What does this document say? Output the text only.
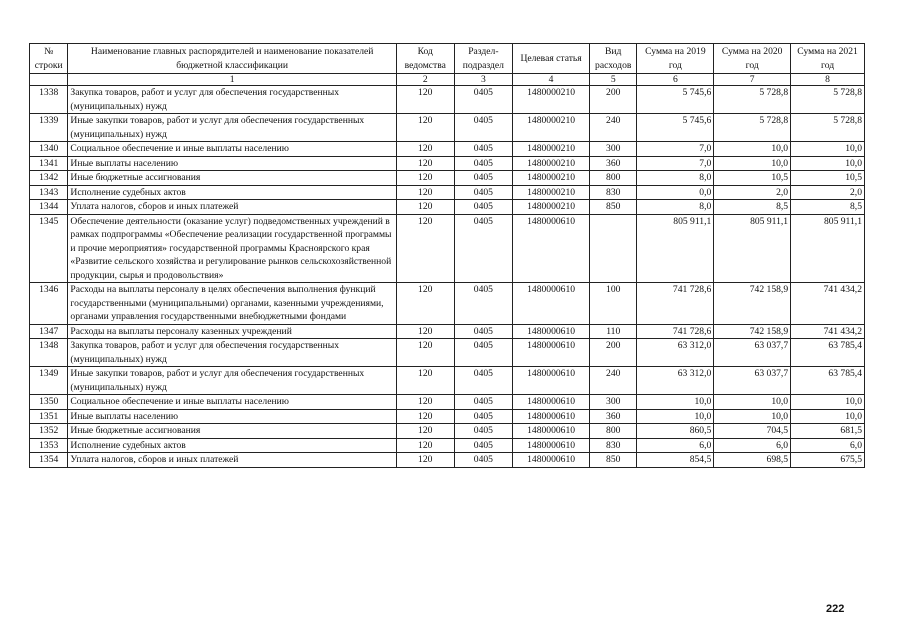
№ строки	Наименование главных распорядителей и наименование показателей бюджетной классификации	Код ведомства	Раздел-подраздел	Целевая статья	Вид расходов	Сумма на 2019 год	Сумма на 2020 год	Сумма на 2021 год
	1	2	3	4	5	6	7	8
1338	Закупка товаров, работ и услуг для обеспечения государственных (муниципальных) нужд	120	0405	1480000210	200	5 745,6	5 728,8	5 728,8
1339	Иные закупки товаров, работ и услуг для обеспечения государственных (муниципальных) нужд	120	0405	1480000210	240	5 745,6	5 728,8	5 728,8
1340	Социальное обеспечение и иные выплаты населению	120	0405	1480000210	300	7,0	10,0	10,0
1341	Иные выплаты населению	120	0405	1480000210	360	7,0	10,0	10,0
1342	Иные бюджетные ассигнования	120	0405	1480000210	800	8,0	10,5	10,5
1343	Исполнение судебных актов	120	0405	1480000210	830	0,0	2,0	2,0
1344	Уплата налогов, сборов и иных платежей	120	0405	1480000210	850	8,0	8,5	8,5
1345	Обеспечение деятельности (оказание услуг) подведомственных учреждений в рамках подпрограммы «Обеспечение реализации государственной программы и прочие мероприятия» государственной программы Красноярского края «Развитие сельского хозяйства и регулирование рынков сельскохозяйственной продукции, сырья и продовольствия»	120	0405	1480000610		805 911,1	805 911,1	805 911,1
1346	Расходы на выплаты персоналу в целях обеспечения выполнения функций государственными (муниципальными) органами, казенными учреждениями, органами управления государственными внебюджетными фондами	120	0405	1480000610	100	741 728,6	742 158,9	741 434,2
1347	Расходы на выплаты персоналу казенных учреждений	120	0405	1480000610	110	741 728,6	742 158,9	741 434,2
1348	Закупка товаров, работ и услуг для обеспечения государственных (муниципальных) нужд	120	0405	1480000610	200	63 312,0	63 037,7	63 785,4
1349	Иные закупки товаров, работ и услуг для обеспечения государственных (муниципальных) нужд	120	0405	1480000610	240	63 312,0	63 037,7	63 785,4
1350	Социальное обеспечение и иные выплаты населению	120	0405	1480000610	300	10,0	10,0	10,0
1351	Иные выплаты населению	120	0405	1480000610	360	10,0	10,0	10,0
1352	Иные бюджетные ассигнования	120	0405	1480000610	800	860,5	704,5	681,5
1353	Исполнение судебных актов	120	0405	1480000610	830	6,0	6,0	6,0
1354	Уплата налогов, сборов и иных платежей	120	0405	1480000610	850	854,5	698,5	675,5
222
